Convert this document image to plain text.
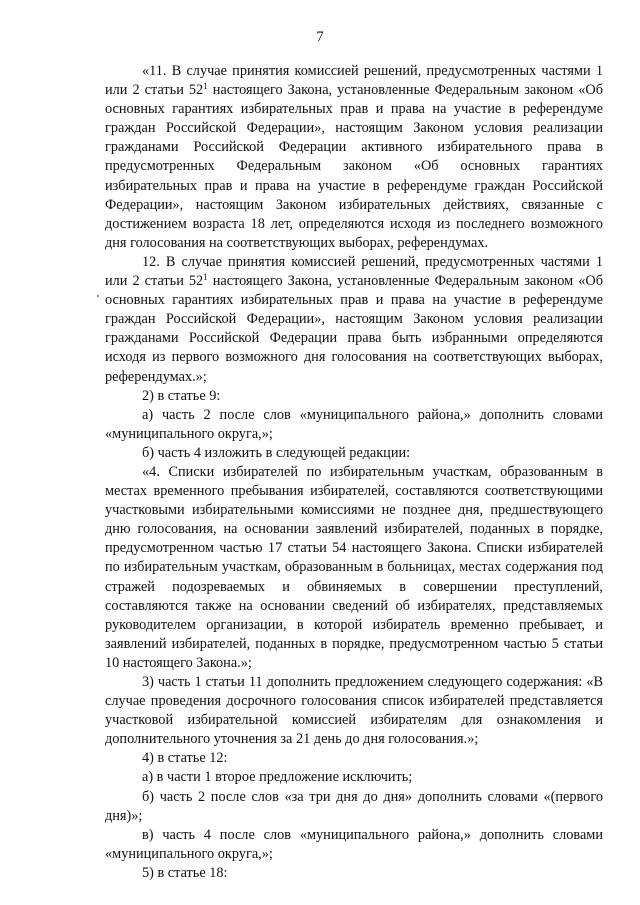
7

«11. В случае принятия комиссией решений, предусмотренных частями 1 или 2 статьи $52^1$ настоящего Закона, установленные Федеральным законом «Об основных гарантиях избирательных прав и права на участие в референдуме граждан Российской Федерации», настоящим Законом условия реализации гражданами Российской Федерации активного избирательного права в предусмотренных Федеральным законом «Об основных гарантиях избирательных прав и права на участие в референдуме граждан Российской Федерации», настоящим Законом избирательных действиях, связанные с достижением возраста 18 лет, определяются исходя из последнего возможного дня голосования на соответствующих выборах, референдумах.

12. В случае принятия комиссией решений, предусмотренных частями 1 или 2 статьи $52^1$ настоящего Закона, установленные Федеральным законом «Об основных гарантиях избирательных прав и права на участие в референдуме граждан Российской Федерации», настоящим Законом условия реализации гражданами Российской Федерации права быть избранными определяются исходя из первого возможного дня голосования на соответствующих выборах, референдумах.»;

2) в статье 9:

а) часть 2 после слов «муниципального района,» дополнить словами «муниципального округа,»;

б) часть 4 изложить в следующей редакции:

«4. Списки избирателей по избирательным участкам, образованным в местах временного пребывания избирателей, составляются соответствующими участковыми избирательными комиссиями не позднее дня, предшествующего дню голосования, на основании заявлений избирателей, поданных в порядке, предусмотренном частью 17 статьи 54 настоящего Закона. Списки избирателей по избирательным участкам, образованным в больницах, местах содержания под стражей подозреваемых и обвиняемых в совершении преступлений, составляются также на основании сведений об избирателях, представляемых руководителем организации, в которой избиратель временно пребывает, и заявлений избирателей, поданных в порядке, предусмотренном частью 5 статьи 10 настоящего Закона.»;

3) часть 1 статьи 11 дополнить предложением следующего содержания: «В случае проведения досрочного голосования список избирателей представляется участковой избирательной комиссией избирателям для ознакомления и дополнительного уточнения за 21 день до дня голосования.»;

4) в статье 12:

а) в части 1 второе предложение исключить;

б) часть 2 после слов «за три дня до дня» дополнить словами «(первого дня)»;

в) часть 4 после слов «муниципального района,» дополнить словами «муниципального округа,»;

5) в статье 18:
